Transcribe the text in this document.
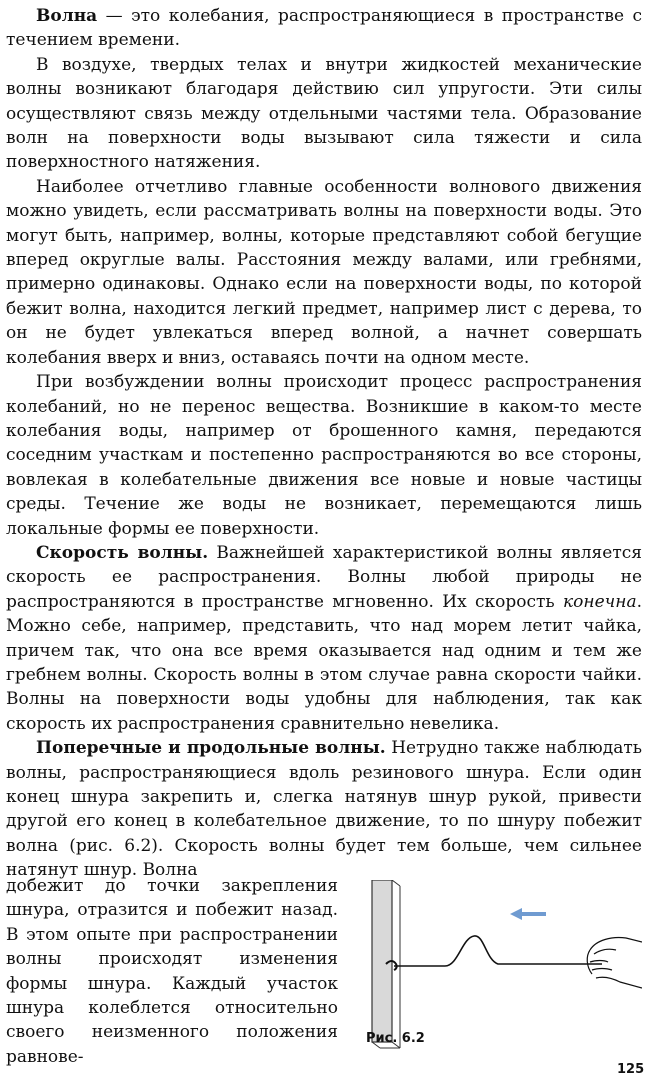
Волна — это колебания, распространяющиеся в пространстве с течением времени.

В воздухе, твердых телах и внутри жидкостей механические волны возникают благодаря действию сил упругости. Эти силы осуществляют связь между отдельными частями тела. Образование волн на поверхности воды вызывают сила тяжести и сила поверхностного натяжения.

Наиболее отчетливо главные особенности волнового движения можно увидеть, если рассматривать волны на поверхности воды. Это могут быть, например, волны, которые представляют собой бегущие вперед округлые валы. Расстояния между валами, или гребнями, примерно одинаковы. Однако если на поверхности воды, по которой бежит волна, находится легкий предмет, например лист с дерева, то он не будет увлекаться вперед волной, а начнет совершать колебания вверх и вниз, оставаясь почти на одном месте.

При возбуждении волны происходит процесс распространения колебаний, но не перенос вещества. Возникшие в каком-то месте колебания воды, например от брошенного камня, передаются соседним участкам и постепенно распространяются во все стороны, вовлекая в колебательные движения все новые и новые частицы среды. Течение же воды не возникает, перемещаются лишь локальные формы ее поверхности.

Скорость волны. Важнейшей характеристикой волны является скорость ее распространения. Волны любой природы не распространяются в пространстве мгновенно. Их скорость конечна. Можно себе, например, представить, что над морем летит чайка, причем так, что она все время оказывается над одним и тем же гребнем волны. Скорость волны в этом случае равна скорости чайки. Волны на поверхности воды удобны для наблюдения, так как скорость их распространения сравнительно невелика.

Поперечные и продольные волны. Нетрудно также наблюдать волны, распространяющиеся вдоль резинового шнура. Если один конец шнура закрепить и, слегка натянув шнур рукой, привести другой его конец в колебательное движение, то по шнуру побежит волна (рис. 6.2). Скорость волны будет тем больше, чем сильнее натянут шнур. Волна

добежит до точки закрепления шнура, отразится и побежит назад. В этом опыте при распространении волны происходят изменения формы шнура. Каждый участок шнура колеблется относительно своего неизменного положения равнове-

Рис. 6.2
125
